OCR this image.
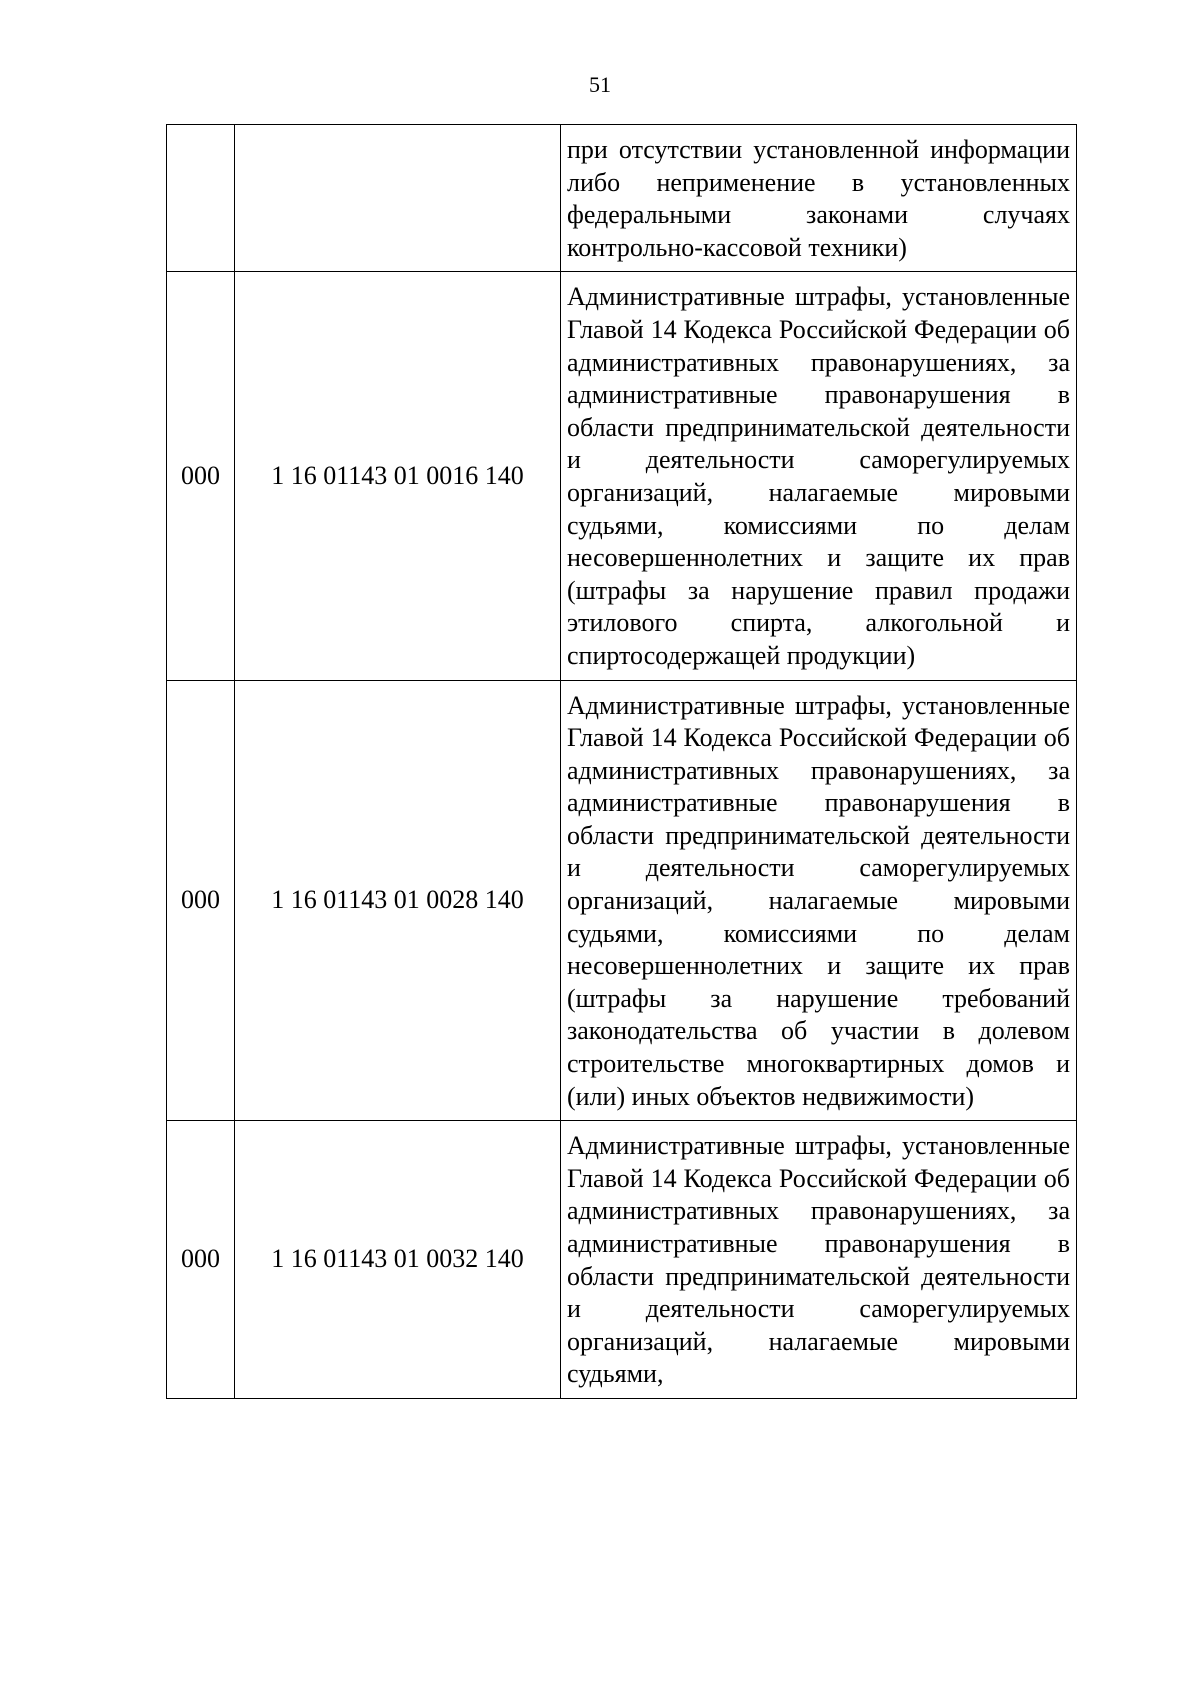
51
		при отсутствии установленной информации либо неприменение в установленных федеральными законами случаях контрольно-кассовой техники)
000	1 16 01143 01 0016 140	Административные штрафы, установленные Главой 14 Кодекса Российской Федерации об административных правонарушениях, за административные правонарушения в области предпринимательской деятельности и деятельности саморегулируемых организаций, налагаемые мировыми судьями, комиссиями по делам несовершеннолетних и защите их прав (штрафы за нарушение правил продажи этилового спирта, алкогольной и спиртосодержащей продукции)
000	1 16 01143 01 0028 140	Административные штрафы, установленные Главой 14 Кодекса Российской Федерации об административных правонарушениях, за административные правонарушения в области предпринимательской деятельности и деятельности саморегулируемых организаций, налагаемые мировыми судьями, комиссиями по делам несовершеннолетних и защите их прав (штрафы за нарушение требований законодательства об участии в долевом строительстве многоквартирных домов и (или) иных объектов недвижимости)
000	1 16 01143 01 0032 140	Административные штрафы, установленные Главой 14 Кодекса Российской Федерации об административных правонарушениях, за административные правонарушения в области предпринимательской деятельности и деятельности саморегулируемых организаций, налагаемые мировыми судьями,
